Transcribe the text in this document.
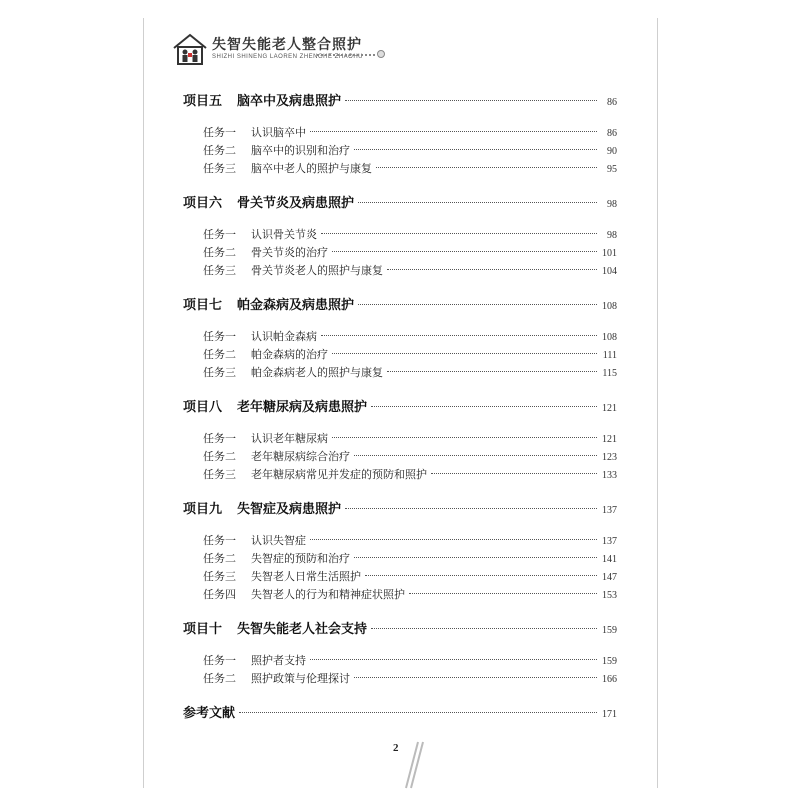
失智失能老人整合照护
SHIZHI SHINENG LAOREN ZHENGHE ZHAOHU
项目五	脑卒中及病患照护	86
任务一	认识脑卒中	86
任务二	脑卒中的识别和治疗	90
任务三	脑卒中老人的照护与康复	95
项目六	骨关节炎及病患照护	98
任务一	认识骨关节炎	98
任务二	骨关节炎的治疗	101
任务三	骨关节炎老人的照护与康复	104
项目七	帕金森病及病患照护	108
任务一	认识帕金森病	108
任务二	帕金森病的治疗	111
任务三	帕金森病老人的照护与康复	115
项目八	老年糖尿病及病患照护	121
任务一	认识老年糖尿病	121
任务二	老年糖尿病综合治疗	123
任务三	老年糖尿病常见并发症的预防和照护	133
项目九	失智症及病患照护	137
任务一	认识失智症	137
任务二	失智症的预防和治疗	141
任务三	失智老人日常生活照护	147
任务四	失智老人的行为和精神症状照护	153
项目十	失智失能老人社会支持	159
任务一	照护者支持	159
任务二	照护政策与伦理探讨	166
参考文献	171
2
